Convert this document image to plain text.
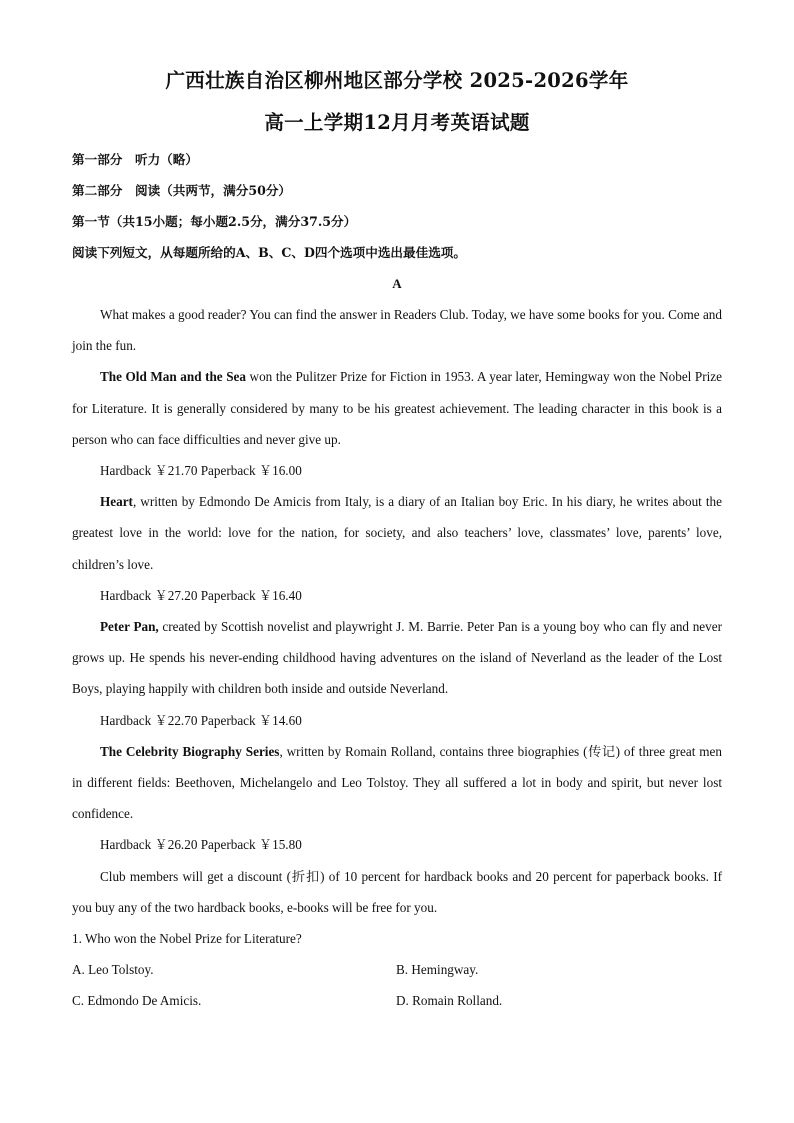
广西壮族自治区柳州地区部分学校 2025-2026学年
高一上学期12月月考英语试题
第一部分　听力（略）
第二部分　阅读（共两节，满分50分）
第一节（共15小题；每小题2.5分，满分37.5分）
阅读下列短文，从每题所给的A、B、C、D四个选项中选出最佳选项。
A

What makes a good reader? You can find the answer in Readers Club. Today, we have some books for you. Come and join the fun.

The Old Man and the Sea won the Pulitzer Prize for Fiction in 1953. A year later, Hemingway won the Nobel Prize for Literature. It is generally considered by many to be his greatest achievement. The leading character in this book is a person who can face difficulties and never give up.

Hardback ￥21.70 Paperback ￥16.00

Heart, written by Edmondo De Amicis from Italy, is a diary of an Italian boy Eric. In his diary, he writes about the greatest love in the world: love for the nation, for society, and also teachers’ love, classmates’ love, parents’ love, children’s love.

Hardback ￥27.20 Paperback ￥16.40

Peter Pan, created by Scottish novelist and playwright J. M. Barrie. Peter Pan is a young boy who can fly and never grows up. He spends his never-ending childhood having adventures on the island of Neverland as the leader of the Lost Boys, playing happily with children both inside and outside Neverland.

Hardback ￥22.70 Paperback ￥14.60

The Celebrity Biography Series, written by Romain Rolland, contains three biographies (传记) of three great men in different fields: Beethoven, Michelangelo and Leo Tolstoy. They all suffered a lot in body and spirit, but never lost confidence.

Hardback ￥26.20 Paperback ￥15.80

Club members will get a discount (折扣) of 10 percent for hardback books and 20 percent for paperback books. If you buy any of the two hardback books, e-books will be free for you.

1. Who won the Nobel Prize for Literature?

A. Leo Tolstoy.	B. Hemingway.
C. Edmondo De Amicis.	D. Romain Rolland.
